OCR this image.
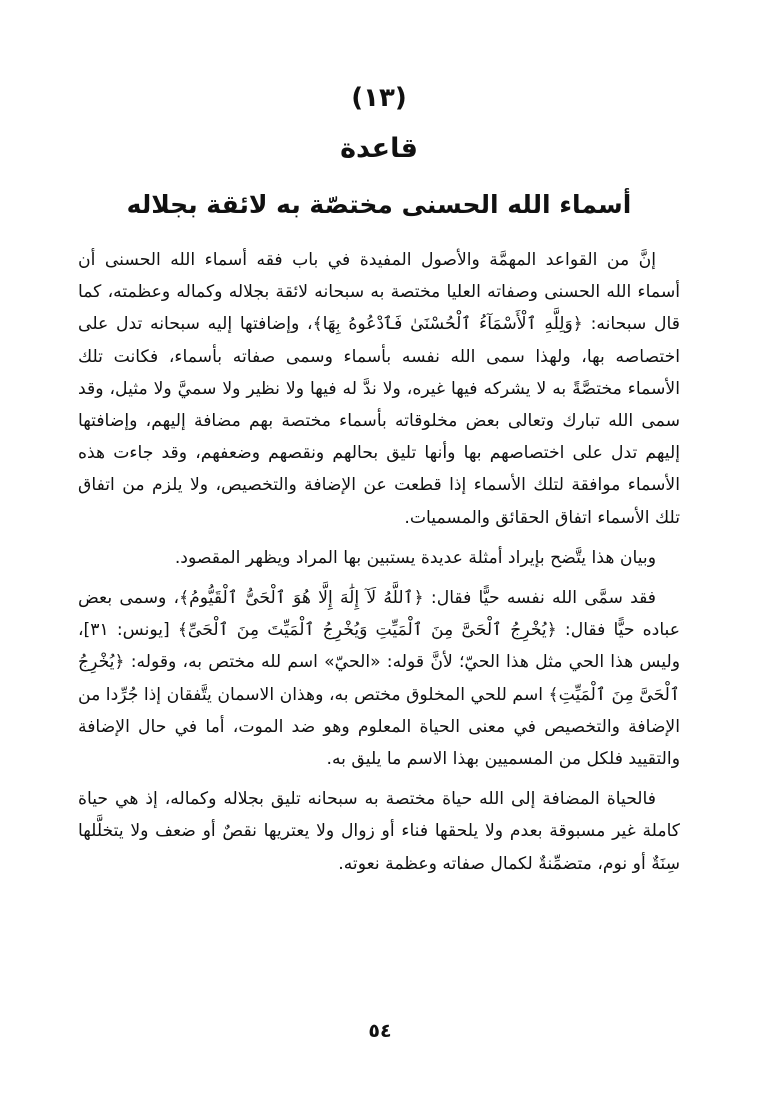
(١٣)
قاعدة
أسماء الله الحسنى مختصّة به لائقة بجلاله

إنَّ من القواعد المهمَّة والأصول المفيدة في باب فقه أسماء الله الحسنى أن أسماء الله الحسنى وصفاته العليا مختصة به سبحانه لائقة بجلاله وكماله وعظمته، كما قال سبحانه: ﴿وَلِلَّهِ ٱلْأَسْمَآءُ ٱلْحُسْنَىٰ فَٱدْعُوهُ بِهَا﴾، وإضافتها إليه سبحانه تدل على اختصاصه بها، ولهذا سمى الله نفسه بأسماء وسمى صفاته بأسماء، فكانت تلك الأسماء مختصَّةً به لا يشركه فيها غيره، ولا ندَّ له فيها ولا نظير ولا سميَّ ولا مثيل، وقد سمى الله تبارك وتعالى بعض مخلوقاته بأسماء مختصة بهم مضافة إليهم، وإضافتها إليهم تدل على اختصاصهم بها وأنها تليق بحالهم ونقصهم وضعفهم، وقد جاءت هذه الأسماء موافقة لتلك الأسماء إذا قطعت عن الإضافة والتخصيص، ولا يلزم من اتفاق تلك الأسماء اتفاق الحقائق والمسميات.

وبيان هذا يتَّضح بإيراد أمثلة عديدة يستبين بها المراد ويظهر المقصود.

فقد سمَّى الله نفسه حيًّا فقال: ﴿ٱللَّهُ لَآ إِلَٰهَ إِلَّا هُوَ ٱلْحَىُّ ٱلْقَيُّومُ﴾، وسمى بعض عباده حيًّا فقال: ﴿يُخْرِجُ ٱلْحَىَّ مِنَ ٱلْمَيِّتِ وَيُخْرِجُ ٱلْمَيِّتَ مِنَ ٱلْحَىِّ﴾ [يونس: ٣١]، وليس هذا الحي مثل هذا الحيّ؛ لأنَّ قوله: «الحيّ» اسم لله مختص به، وقوله: ﴿يُخْرِجُ ٱلْحَىَّ مِنَ ٱلْمَيِّتِ﴾ اسم للحي المخلوق مختص به، وهذان الاسمان يتَّفقان إذا جُرِّدا من الإضافة والتخصيص في معنى الحياة المعلوم وهو ضد الموت، أما في حال الإضافة والتقييد فلكل من المسميين بهذا الاسم ما يليق به.

فالحياة المضافة إلى الله حياة مختصة به سبحانه تليق بجلاله وكماله، إذ هي حياة كاملة غير مسبوقة بعدم ولا يلحقها فناء أو زوال ولا يعتريها نقصٌ أو ضعف ولا يتخلَّلها سِنَةٌ أو نوم، متضمِّنةٌ لكمال صفاته وعظمة نعوته.

٥٤
